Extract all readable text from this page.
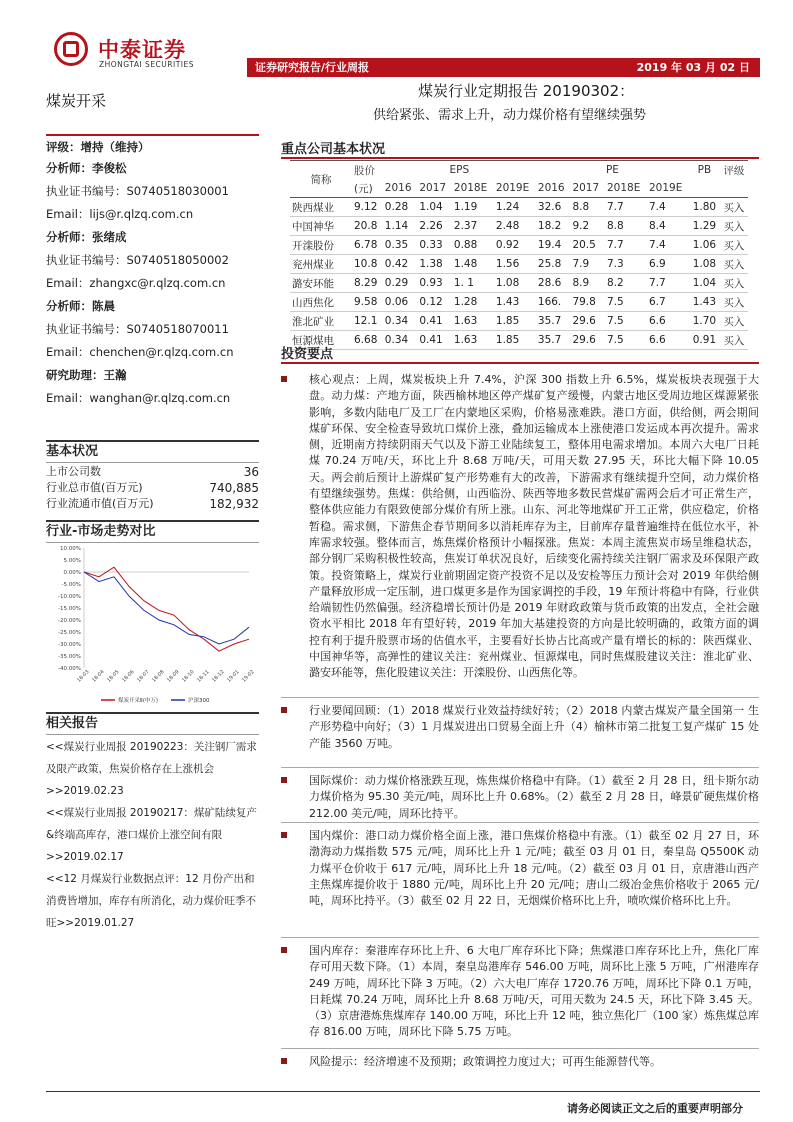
中泰证券
ZHONGTAI SECURITIES
煤炭开采
证券研究报告/行业周报	2019 年 03 月 02 日
煤炭行业定期报告 20190302：
供给紧张、需求上升，动力煤价格有望继续强势
评级：增持（维持）
分析师：李俊松
执业证书编号：S0740518030001
Email：lijs@r.qlzq.com.cn
分析师：张绪成
执业证书编号：S0740518050002
Email：zhangxc@r.qlzq.com.cn
分析师：陈晨
执业证书编号：S0740518070011
Email：chenchen@r.qlzq.com.cn
研究助理：王瀚
Email：wanghan@r.qlzq.com.cn
基本状况
上市公司数	36
行业总市值(百万元)	740,885
行业流通市值(百万元)	182,932
行业-市场走势对比
10.00%
5.00%
0.00%
-5.00%
-10.00%
-15.00%
-20.00%
-25.00%
-30.00%
-35.00%
-40.00%
18-03 18-04 18-05 18-06 18-07 18-08 18-09 18-10 18-11 18-12 19-01 19-02
煤炭开采Ⅱ(申万)	沪深300
相关报告
<<煤炭行业周报 20190223：关注钢厂需求及限产政策，焦炭价格存在上涨机会>>2019.02.23
<<煤炭行业周报 20190217：煤矿陆续复产&终端高库存，港口煤价上涨空间有限>>2019.02.17
<<12 月煤炭行业数据点评：12 月份产出和消费皆增加，库存有所消化，动力煤价旺季不旺>>2019.01.27
重点公司基本状况
简称	股价	EPS				PE				PB	评级
	(元)	2016	2017	2018E	2019E	2016	2017	2018E	2019E		
陕西煤业	9.12	0.28	1.04	1.19	1.24	32.6	8.8	7.7	7.4	1.80	买入
中国神华	20.8	1.14	2.26	2.37	2.48	18.2	9.2	8.8	8.4	1.29	买入
开滦股份	6.78	0.35	0.33	0.88	0.92	19.4	20.5	7.7	7.4	1.06	买入
兖州煤业	10.8	0.42	1.38	1.48	1.56	25.8	7.9	7.3	6.9	1.08	买入
潞安环能	8.29	0.29	0.93	1. 1	1.08	28.6	8.9	8.2	7.7	1.04	买入
山西焦化	9.58	0.06	0.12	1.28	1.43	166.	79.8	7.5	6.7	1.43	买入
淮北矿业	12.1	0.34	0.41	1.63	1.85	35.7	29.6	7.5	6.6	1.70	买入
恒源煤电	6.68	0.34	0.41	1.63	1.85	35.7	29.6	7.5	6.6	0.91	买入
投资要点
核心观点：上周，煤炭板块上升 7.4%，沪深 300 指数上升 6.5%，煤炭板块表现强于大盘。动力煤：产地方面，陕西榆林地区停产煤矿复产缓慢，内蒙古地区受周边地区煤源紧张影响，多数内陆电厂及工厂在内蒙地区采购，价格易涨难跌。港口方面，供给侧，两会期间煤矿环保、安全检查导致坑口煤价上涨，叠加运输成本上涨使港口发运成本再次提升。需求侧，近期南方持续阴雨天气以及下游工业陆续复工，整体用电需求增加。本周六大电厂日耗煤 70.24 万吨/天，环比上升 8.68 万吨/天，可用天数 27.95 天，环比大幅下降 10.05 天。两会前后预计上游煤矿复产形势难有大的改善，下游需求有继续提升空间，动力煤价格有望继续强势。焦煤：供给侧，山西临汾、陕西等地多数民营煤矿需两会后才可正常生产，整体供应能力有限致使部分煤价有所上涨。山东、河北等地煤矿开工正常，供应稳定，价格暂稳。需求侧，下游焦企春节期间多以消耗库存为主，目前库存量普遍维持在低位水平，补库需求较强。整体而言，炼焦煤价格预计小幅探涨。焦炭：本周主流焦炭市场呈维稳状态，部分钢厂采购积极性较高，焦炭订单状况良好，后续变化需持续关注钢厂需求及环保限产政策。投资策略上，煤炭行业前期固定资产投资不足以及安检等压力预计会对 2019 年供给侧产量释放形成一定压制，进口煤更多是作为国家调控的手段，19 年预计将稳中有降，行业供给端韧性仍然偏强。经济稳增长预计仍是 2019 年财政政策与货币政策的出发点，全社会融资水平相比 2018 年有望好转，2019 年加大基建投资的方向是比较明确的，政策方面的调控有利于提升股票市场的估值水平，主要看好长协占比高或产量有增长的标的：陕西煤业、中国神华等，高弹性的建议关注：兖州煤业、恒源煤电，同时焦煤股建议关注：淮北矿业、潞安环能等，焦化股建议关注：开滦股份、山西焦化等。
行业要闻回顾：（1）2018 煤炭行业效益持续好转；（2）2018 内蒙古煤炭产量全国第一 生产形势稳中向好；（3）1 月煤炭进出口贸易全面上升（4）榆林市第二批复工复产煤矿 15 处 产能 3560 万吨。
国际煤价：动力煤价格涨跌互现，炼焦煤价格稳中有降。（1）截至 2 月 28 日，纽卡斯尔动力煤价格为 95.30 美元/吨，周环比上升 0.68%。（2）截至 2 月 28 日，峰景矿硬焦煤价格 212.00 美元/吨，周环比持平。
国内煤价：港口动力煤价格全面上涨，港口焦煤价格稳中有涨。（1）截至 02 月 27 日，环渤海动力煤指数 575 元/吨，周环比上升 1 元/吨；截至 03 月 01 日，秦皇岛 Q5500K 动力煤平仓价收于 617 元/吨，周环比上升 18 元/吨。（2）截至 03 月 01 日，京唐港山西产主焦煤库提价收于 1880 元/吨，周环比上升 20 元/吨；唐山二级冶金焦价格收于 2065 元/吨，周环比持平。（3）截至 02 月 22 日，无烟煤价格环比上升，喷吹煤价格环比上升。
国内库存：秦港库存环比上升、6 大电厂库存环比下降；焦煤港口库存环比上升，焦化厂库存可用天数下降。（1）本周，秦皇岛港库存 546.00 万吨，周环比上涨 5 万吨，广州港库存 249 万吨，周环比下降 3 万吨。（2）六大电厂库存 1720.76 万吨，周环比下降 0.1 万吨，日耗煤 70.24 万吨，周环比上升 8.68 万吨/天，可用天数为 24.5 天，环比下降 3.45 天。（3）京唐港炼焦煤库存 140.00 万吨，环比上升 12 吨，独立焦化厂（100 家）炼焦煤总库存 816.00 万吨，周环比下降 5.75 万吨。
风险提示：经济增速不及预期；政策调控力度过大；可再生能源替代等。
请务必阅读正文之后的重要声明部分
